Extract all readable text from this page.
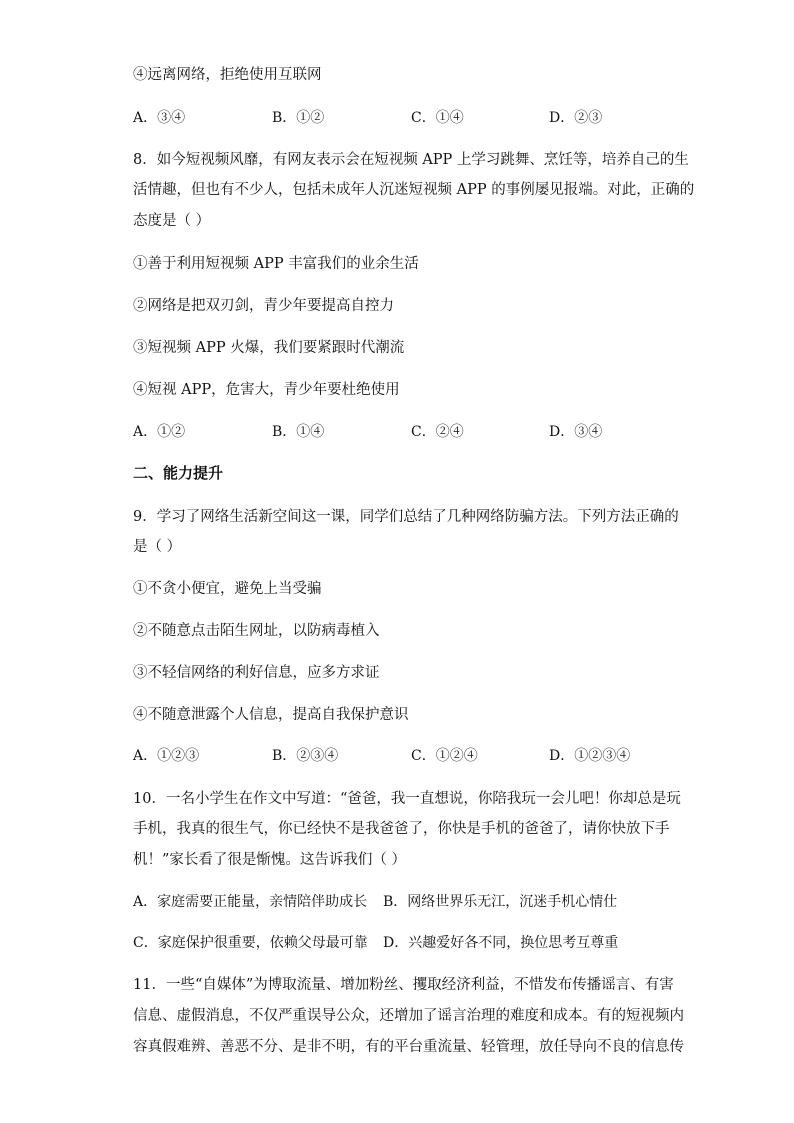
④远离网络，拒绝使用互联网
A．③④	B．①②	C．①④	D．②③
8．如今短视频风靡，有网友表示会在短视频 APP 上学习跳舞、烹饪等，培养自己的生
活情趣，但也有不少人，包括未成年人沉迷短视频 APP 的事例屡见报端。对此，正确的
态度是（ ）
①善于利用短视频 APP 丰富我们的业余生活
②网络是把双刃剑，青少年要提高自控力
③短视频 APP 火爆，我们要紧跟时代潮流
④短视 APP，危害大，青少年要杜绝使用
A．①②	B．①④	C．②④	D．③④
二、能力提升
9．学习了网络生活新空间这一课，同学们总结了几种网络防骗方法。下列方法正确的
是（ ）
①不贪小便宜，避免上当受骗
②不随意点击陌生网址，以防病毒植入
③不轻信网络的利好信息，应多方求证
④不随意泄露个人信息，提高自我保护意识
A．①②③	B．②③④	C．①②④	D．①②③④
10．一名小学生在作文中写道：“爸爸，我一直想说，你陪我玩一会儿吧！你却总是玩
手机，我真的很生气，你已经快不是我爸爸了，你快是手机的爸爸了，请你快放下手
机！”家长看了很是惭愧。这告诉我们（ ）
A．家庭需要正能量，亲情陪伴助成长 B．网络世界乐无江，沉迷手机心情仕
C．家庭保护很重要，依赖父母最可靠 D．兴趣爱好各不同，换位思考互尊重
11．一些“自媒体”为博取流量、增加粉丝、攫取经济利益，不惜发布传播谣言、有害
信息、虚假消息，不仅严重误导公众，还增加了谣言治理的难度和成本。有的短视频内
容真假难辨、善恶不分、是非不明，有的平台重流量、轻管理，放任导向不良的信息传
